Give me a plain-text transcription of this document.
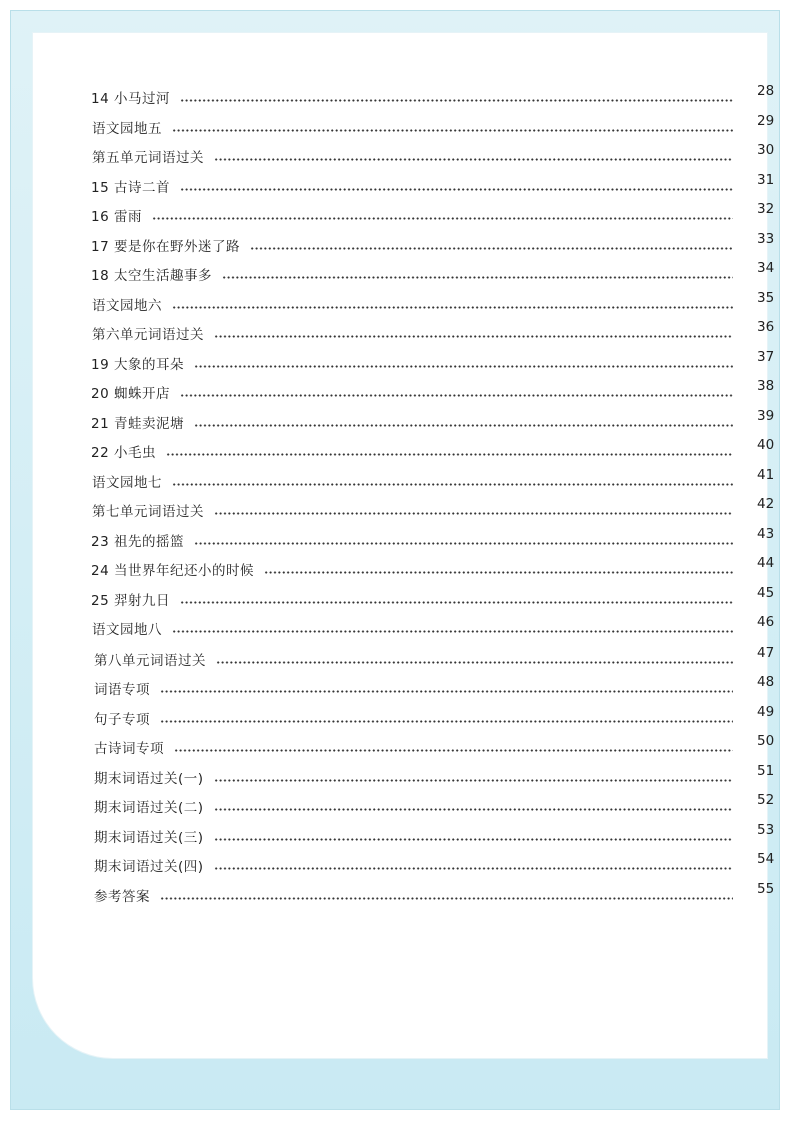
14 小马过河	28
语文园地五	29
第五单元词语过关	30
15 古诗二首	31
16 雷雨	32
17 要是你在野外迷了路	33
18 太空生活趣事多	34
语文园地六	35
第六单元词语过关	36
19 大象的耳朵	37
20 蜘蛛开店	38
21 青蛙卖泥塘	39
22 小毛虫	40
语文园地七	41
第七单元词语过关	42
23 祖先的摇篮	43
24 当世界年纪还小的时候	44
25 羿射九日	45
语文园地八	46
第八单元词语过关	47
词语专项	48
句子专项	49
古诗词专项	50
期末词语过关(一)	51
期末词语过关(二)	52
期末词语过关(三)	53
期末词语过关(四)	54
参考答案	55
